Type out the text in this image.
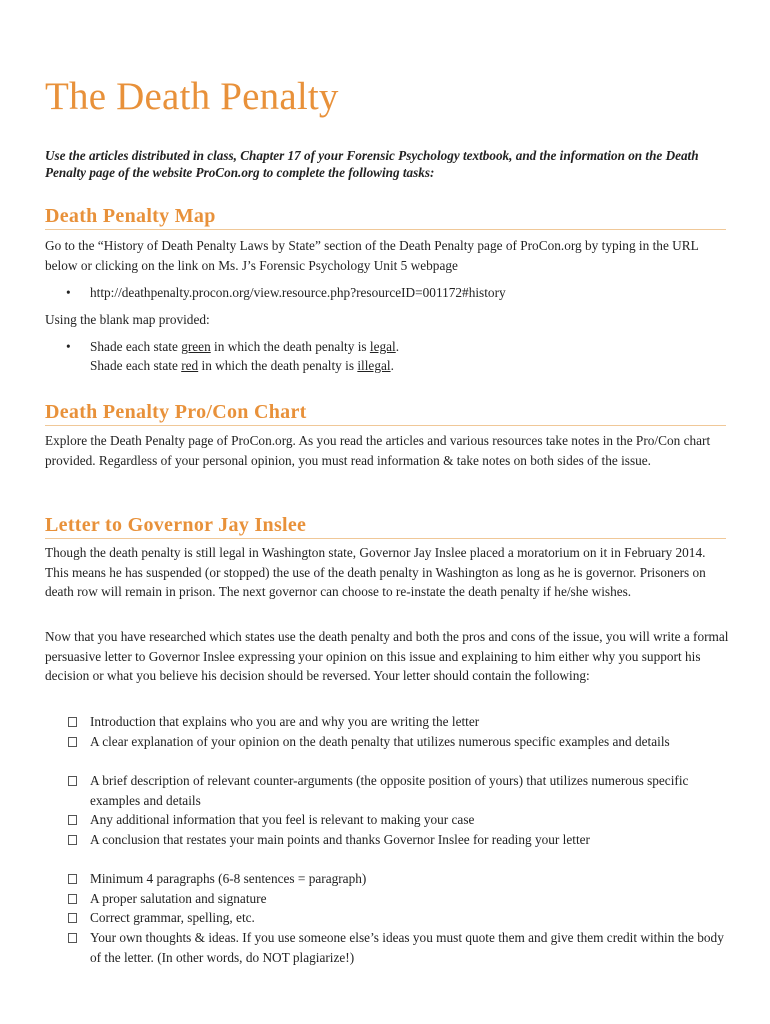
The Death Penalty

Use the articles distributed in class, Chapter 17 of your Forensic Psychology textbook, and the information on the Death Penalty page of the website ProCon.org to complete the following tasks:

Death Penalty Map

Go to the “History of Death Penalty Laws by State” section of the Death Penalty page of ProCon.org by typing in the URL below or clicking on the link on Ms. J’s Forensic Psychology Unit 5 webpage

• http://deathpenalty.procon.org/view.resource.php?resourceID=001172#history

Using the blank map provided:

• Shade each state green in which the death penalty is legal.

Shade each state red in which the death penalty is illegal.

Death Penalty Pro/Con Chart

Explore the Death Penalty page of ProCon.org. As you read the articles and various resources take notes in the Pro/Con chart provided. Regardless of your personal opinion, you must read information & take notes on both sides of the issue.

Letter to Governor Jay Inslee

Though the death penalty is still legal in Washington state, Governor Jay Inslee placed a moratorium on it in February 2014. This means he has suspended (or stopped) the use of the death penalty in Washington as long as he is governor. Prisoners on death row will remain in prison. The next governor can choose to re-instate the death penalty if he/she wishes.

Now that you have researched which states use the death penalty and both the pros and cons of the issue, you will write a formal persuasive letter to Governor Inslee expressing your opinion on this issue and explaining to him either why you support his decision or what you believe his decision should be reversed. Your letter should contain the following:

Introduction that explains who you are and why you are writing the letter

A clear explanation of your opinion on the death penalty that utilizes numerous specific examples and details

A brief description of relevant counter-arguments (the opposite position of yours) that utilizes numerous specific examples and details

Any additional information that you feel is relevant to making your case

A conclusion that restates your main points and thanks Governor Inslee for reading your letter

Minimum 4 paragraphs (6-8 sentences = paragraph)

A proper salutation and signature

Correct grammar, spelling, etc.

Your own thoughts & ideas. If you use someone else’s ideas you must quote them and give them credit within the body of the letter. (In other words, do NOT plagiarize!)
